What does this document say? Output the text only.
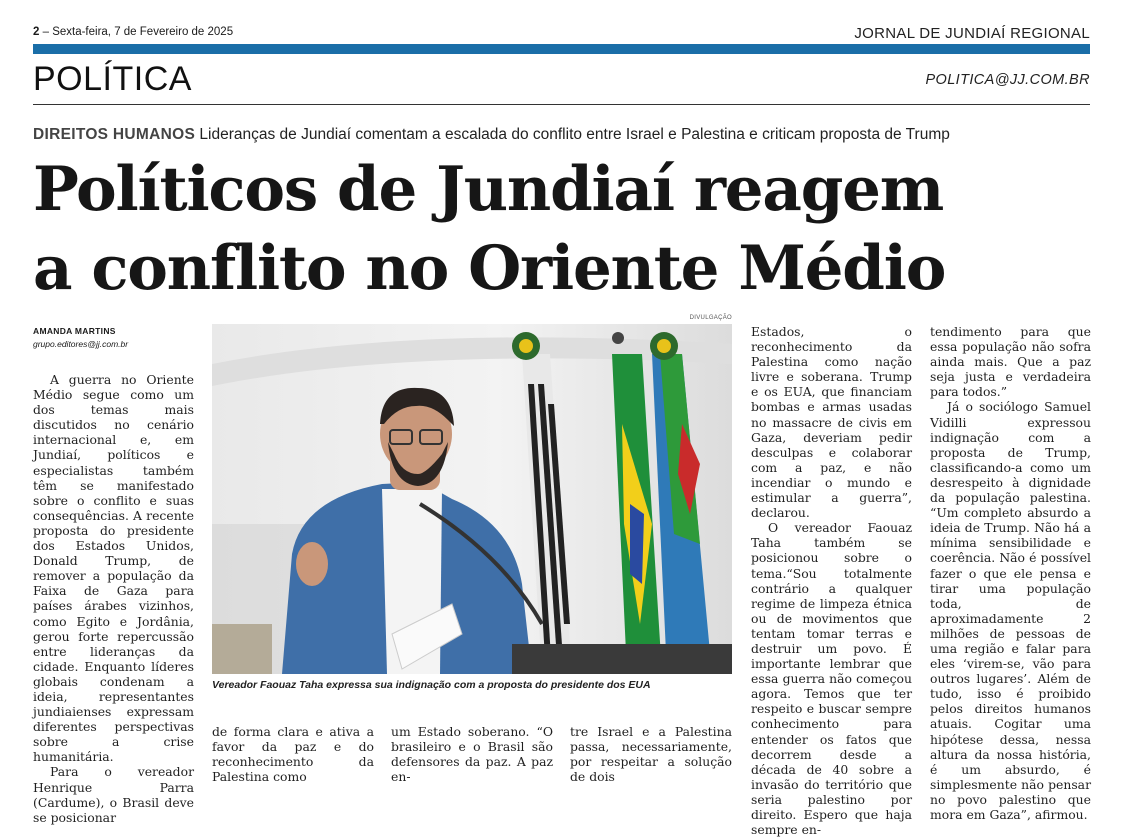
2 – Sexta-feira, 7 de Fevereiro de 2025	JORNAL DE JUNDIAÍ REGIONAL
POLÍTICA	POLITICA@JJ.COM.BR
DIREITOS HUMANOS Lideranças de Jundiaí comentam a escalada do conflito entre Israel e Palestina e criticam proposta de Trump
Políticos de Jundiaí reagem
a conflito no Oriente Médio
AMANDA MARTINS
grupo.editores@jj.com.br

A guerra no Oriente Médio segue como um dos temas mais discutidos no cenário internacional e, em Jundiaí, políticos e especialistas também têm se manifestado sobre o conflito e suas consequências. A recente proposta do presidente dos Estados Unidos, Donald Trump, de remover a população da Faixa de Gaza para países árabes vizinhos, como Egito e Jordânia, gerou forte repercussão entre lideranças da cidade. Enquanto líderes globais condenam a ideia, representantes jundiaienses expressam diferentes perspectivas sobre a crise humanitária.

Para o vereador Henrique Parra (Cardume), o Brasil deve se posicionar

de forma clara e ativa a favor da paz e do reconhecimento da Palestina como

um Estado soberano. “O brasileiro e o Brasil são defensores da paz. A paz en-

tre Israel e a Palestina passa, necessariamente, por respeitar a solução de dois

Estados, o reconhecimento da Palestina como nação livre e soberana. Trump e os EUA, que financiam bombas e armas usadas no massacre de civis em Gaza, deveriam pedir desculpas e colaborar com a paz, e não incendiar o mundo e estimular a guerra”, declarou.

O vereador Faouaz Taha também se posicionou sobre o tema.“Sou totalmente contrário a qualquer regime de limpeza étnica ou de movimentos que tentam tomar terras e destruir um povo. É importante lembrar que essa guerra não começou agora. Temos que ter respeito e buscar sempre conhecimento para entender os fatos que decorrem desde a década de 40 sobre a invasão do território que seria palestino por direito. Espero que haja sempre en-

tendimento para que essa população não sofra ainda mais. Que a paz seja justa e verdadeira para todos.”

Já o sociólogo Samuel Vidilli expressou indignação com a proposta de Trump, classificando-a como um desrespeito à dignidade da população palestina. “Um completo absurdo a ideia de Trump. Não há a mínima sensibilidade e coerência. Não é possível fazer o que ele pensa e tirar uma população toda, de aproximadamente 2 milhões de pessoas de uma região e falar para eles ‘virem-se, vão para outros lugares’. Além de tudo, isso é proibido pelos direitos humanos atuais. Cogitar uma hipótese dessa, nessa altura da nossa história, é um absurdo, é simplesmente não pensar no povo palestino que mora em Gaza”, afirmou.

DIVULGAÇÃO
Vereador Faouaz Taha expressa sua indignação com a proposta do presidente dos EUA
